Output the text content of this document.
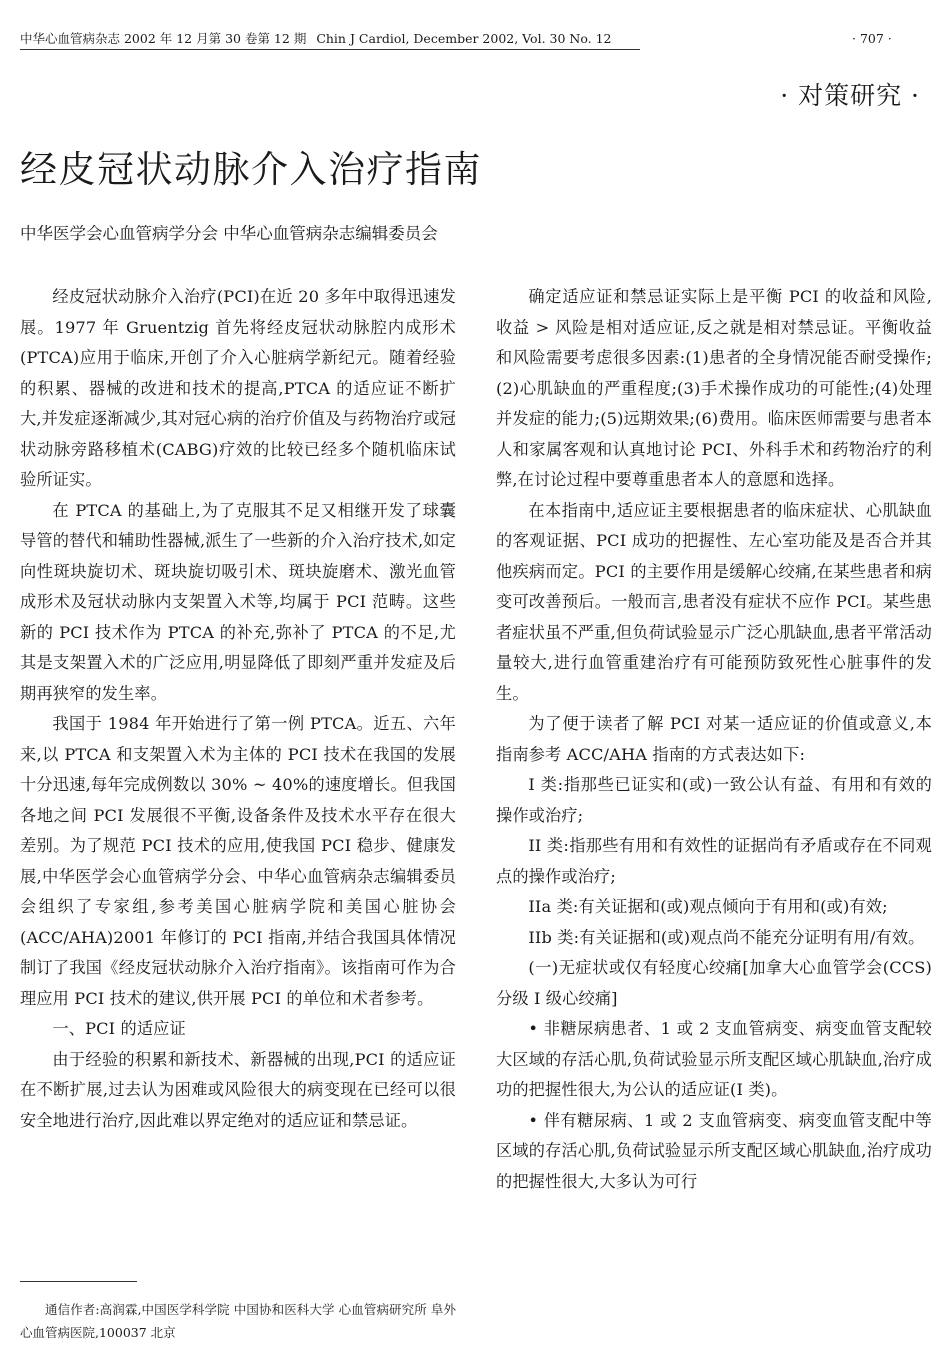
中华心血管病杂志 2002 年 12 月第 30 卷第 12 期 Chin J Cardiol, December 2002, Vol. 30 No. 12	· 707 ·
· 对策研究 ·
经皮冠状动脉介入治疗指南
中华医学会心血管病学分会 中华心血管病杂志编辑委员会

经皮冠状动脉介入治疗(PCI)在近 20 多年中取得迅速发展。1977 年 Gruentzig 首先将经皮冠状动脉腔内成形术(PTCA)应用于临床,开创了介入心脏病学新纪元。随着经验的积累、器械的改进和技术的提高,PTCA 的适应证不断扩大,并发症逐渐减少,其对冠心病的治疗价值及与药物治疗或冠状动脉旁路移植术(CABG)疗效的比较已经多个随机临床试验所证实。

在 PTCA 的基础上,为了克服其不足又相继开发了球囊导管的替代和辅助性器械,派生了一些新的介入治疗技术,如定向性斑块旋切术、斑块旋切吸引术、斑块旋磨术、激光血管成形术及冠状动脉内支架置入术等,均属于 PCI 范畴。这些新的 PCI 技术作为 PTCA 的补充,弥补了 PTCA 的不足,尤其是支架置入术的广泛应用,明显降低了即刻严重并发症及后期再狭窄的发生率。

我国于 1984 年开始进行了第一例 PTCA。近五、六年来,以 PTCA 和支架置入术为主体的 PCI 技术在我国的发展十分迅速,每年完成例数以 30% ~ 40%的速度增长。但我国各地之间 PCI 发展很不平衡,设备条件及技术水平存在很大差别。为了规范 PCI 技术的应用,使我国 PCI 稳步、健康发展,中华医学会心血管病学分会、中华心血管病杂志编辑委员会组织了专家组,参考美国心脏病学院和美国心脏协会(ACC/AHA)2001 年修订的 PCI 指南,并结合我国具体情况制订了我国《经皮冠状动脉介入治疗指南》。该指南可作为合理应用 PCI 技术的建议,供开展 PCI 的单位和术者参考。

一、PCI 的适应证

由于经验的积累和新技术、新器械的出现,PCI 的适应证在不断扩展,过去认为困难或风险很大的病变现在已经可以很安全地进行治疗,因此难以界定绝对的适应证和禁忌证。

通信作者:高润霖,中国医学科学院 中国协和医科大学 心血管病研究所 阜外心血管病医院,100037 北京

确定适应证和禁忌证实际上是平衡 PCI 的收益和风险,收益 > 风险是相对适应证,反之就是相对禁忌证。平衡收益和风险需要考虑很多因素:(1)患者的全身情况能否耐受操作;(2)心肌缺血的严重程度;(3)手术操作成功的可能性;(4)处理并发症的能力;(5)远期效果;(6)费用。临床医师需要与患者本人和家属客观和认真地讨论 PCI、外科手术和药物治疗的利弊,在讨论过程中要尊重患者本人的意愿和选择。

在本指南中,适应证主要根据患者的临床症状、心肌缺血的客观证据、PCI 成功的把握性、左心室功能及是否合并其他疾病而定。PCI 的主要作用是缓解心绞痛,在某些患者和病变可改善预后。一般而言,患者没有症状不应作 PCI。某些患者症状虽不严重,但负荷试验显示广泛心肌缺血,患者平常活动量较大,进行血管重建治疗有可能预防致死性心脏事件的发生。

为了便于读者了解 PCI 对某一适应证的价值或意义,本指南参考 ACC/AHA 指南的方式表达如下:

I 类:指那些已证实和(或)一致公认有益、有用和有效的操作或治疗;

II 类:指那些有用和有效性的证据尚有矛盾或存在不同观点的操作或治疗;

IIa 类:有关证据和(或)观点倾向于有用和(或)有效;

IIb 类:有关证据和(或)观点尚不能充分证明有用/有效。

(一)无症状或仅有轻度心绞痛[加拿大心血管学会(CCS)分级 Ⅰ 级心绞痛]

• 非糖尿病患者、1 或 2 支血管病变、病变血管支配较大区域的存活心肌,负荷试验显示所支配区域心肌缺血,治疗成功的把握性很大,为公认的适应证(Ⅰ 类)。

• 伴有糖尿病、1 或 2 支血管病变、病变血管支配中等区域的存活心肌,负荷试验显示所支配区域心肌缺血,治疗成功的把握性很大,大多认为可行
